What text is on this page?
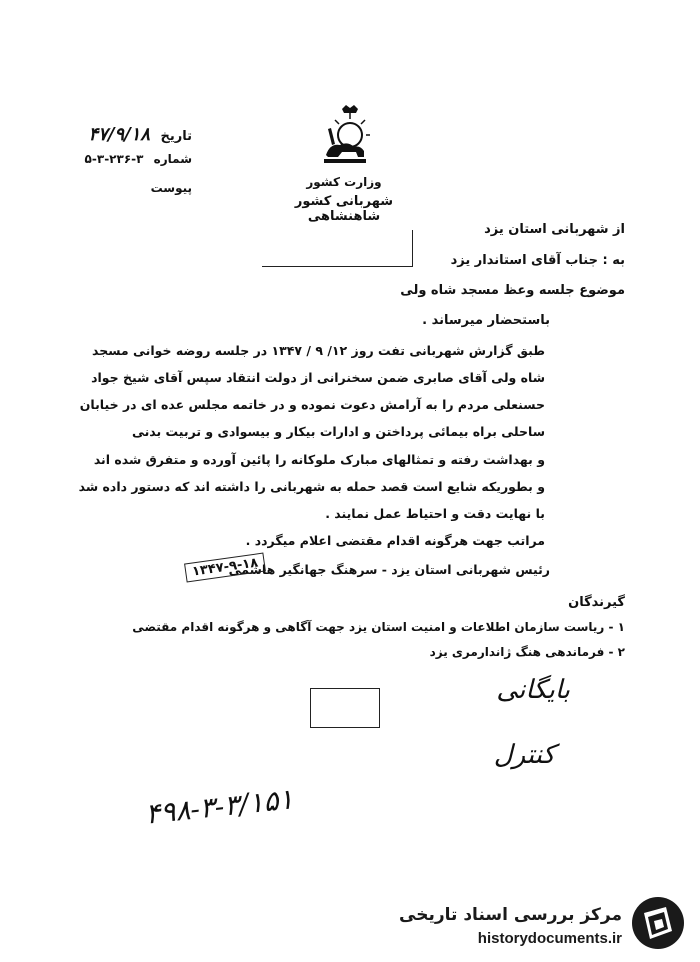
تاریخ ۴۷/۹/۱۸
شماره ۳-۲۳۶-۳-۵
پیوست	وزارت کشور
شهربانی کشور شاهنشاهی
از شهربانی استان یزد
به : جناب آقای استاندار یزد
موضوع جلسه وعظ مسجد شاه ولی
باستحضار میرساند .
طبق گزارش شهربانی تفت روز ۱۲/ ۹ / ۱۳۴۷ در جلسه روضه خوانی مسجد
شاه ولی آقای صابری ضمن سخنرانی از دولت انتقاد سپس آقای شیخ جواد
حسنعلی مردم را به آرامش دعوت نموده و در خاتمه مجلس عده ای در خیابان
ساحلی براه بیمائی پرداختن و ادارات بیکار و بیسوادی و تربیت بدنی
و بهداشت رفته و تمثالهای مبارک ملوکانه را پائین آورده و متفرق شده اند
و بطوریکه شایع است قصد حمله به شهربانی را داشته اند که دستور داده شد
با نهایت دقت و احتیاط عمل نمایند .
مراتب جهت هرگونه اقدام مقتضی اعلام میگردد .
رئیس شهربانی استان یزد - سرهنگ جهانگیر هاشمی
۱۳۴۷-۹-۱۸
گیرندگان
۱ - ریاست سازمان اطلاعات و امنیت استان یزد جهت آگاهی و هرگونه اقدام مقتضی
۲ - فرماندهی هنگ ژاندارمری یزد
بایگانی
کنترل
۴۹۸-۳-۳/۱۵۱
مرکز بررسی اسناد تاریخی
historydocuments.ir
